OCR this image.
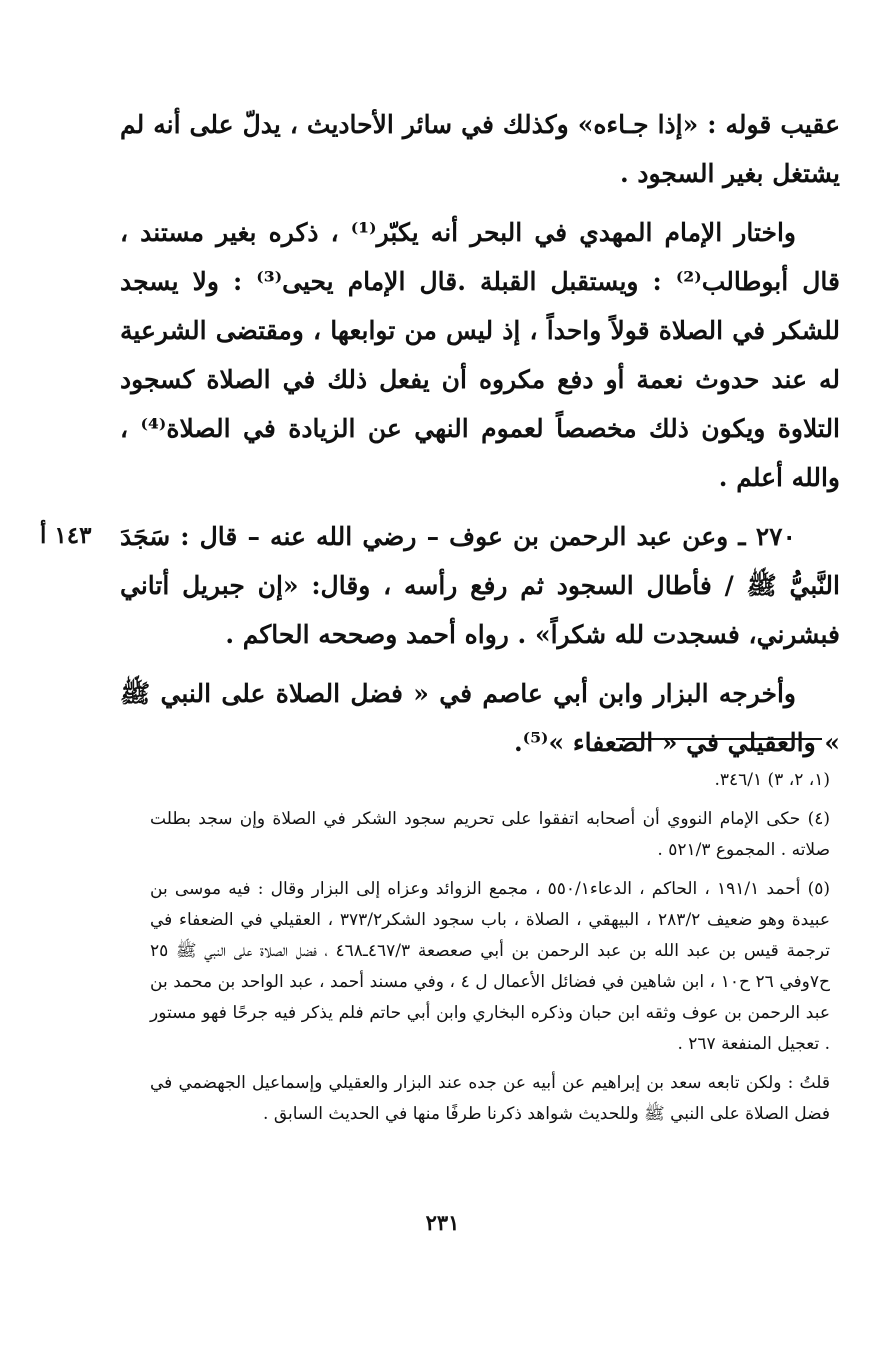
عقيب قوله : «إذا جـاءه» وكذلك في سائر الأحاديث ، يدلّ على أنه لم يشتغل بغير السجود .

واختار الإمام المهدي في البحر أنه يكبّر⁽¹⁾ ، ذكره بغير مستند ، قال أبوطالب⁽²⁾ : ويستقبل القبلة .قال الإمام يحيى⁽³⁾ : ولا يسجد للشكر في الصلاة قولاً واحداً ، إذ ليس من توابعها ، ومقتضى الشرعية له عند حدوث نعمة أو دفع مكروه أن يفعل ذلك في الصلاة كسجود التلاوة ويكون ذلك مخصصاً لعموم النهي عن الزيادة في الصلاة⁽⁴⁾ ، والله أعلم .

٢٧٠ ـ وعن عبد الرحمن بن عوف – رضي الله عنه – قال : سَجَدَ النَّبيُّ ﷺ / فأطال السجود ثم رفع رأسه ، وقال: «إن جبريل أتاني فبشرني، فسجدت لله شكراً» . رواه أحمد وصححه الحاكم .

وأخرجه البزار وابن أبي عاصم في « فضل الصلاة على النبي ﷺ » والعقيلي في « الضعفاء »⁽⁵⁾.

١٤٣ أ
(١، ٢، ٣) ٣٤٦/١.
(٤) حكى الإمام النووي أن أصحابه اتفقوا على تحريم سجود الشكر في الصلاة وإن سجد بطلت صلاته . المجموع ٥٢١/٣ .
(٥) أحمد ١٩١/١ ، الحاكم ، الدعاء٥٥٠/١ ، مجمع الزوائد وعزاه إلى البزار وقال : فيه موسى بن عبيدة وهو ضعيف ٢٨٣/٢ ، البيهقي ، الصلاة ، باب سجود الشكر٣٧٣/٢ ، العقيلي في الضعفاء في ترجمة قيس بن عبد الله بن عبد الرحمن بن أبي صعصعة ٤٦٧/٣ـ٤٦٨ ، فضل الصلاة على النبي ﷺ ٢٥ ح٧وفي ٢٦ ح١٠ ، ابن شاهين في فضائل الأعمال ل ٤ ، وفي مسند أحمد ، عبد الواحد بن محمد بن عبد الرحمن بن عوف وثقه ابن حبان وذكره البخاري وابن أبي حاتم فلم يذكر فيه جرحًا فهو مستور . تعجيل المنفعة ٢٦٧ .
قلتُ : ولكن تابعه سعد بن إبراهيم عن أبيه عن جده عند البزار والعقيلي وإسماعيل الجهضمي في فضل الصلاة على النبي ﷺ وللحديث شواهد ذكرنا طرفًا منها في الحديث السابق .
٢٣١
